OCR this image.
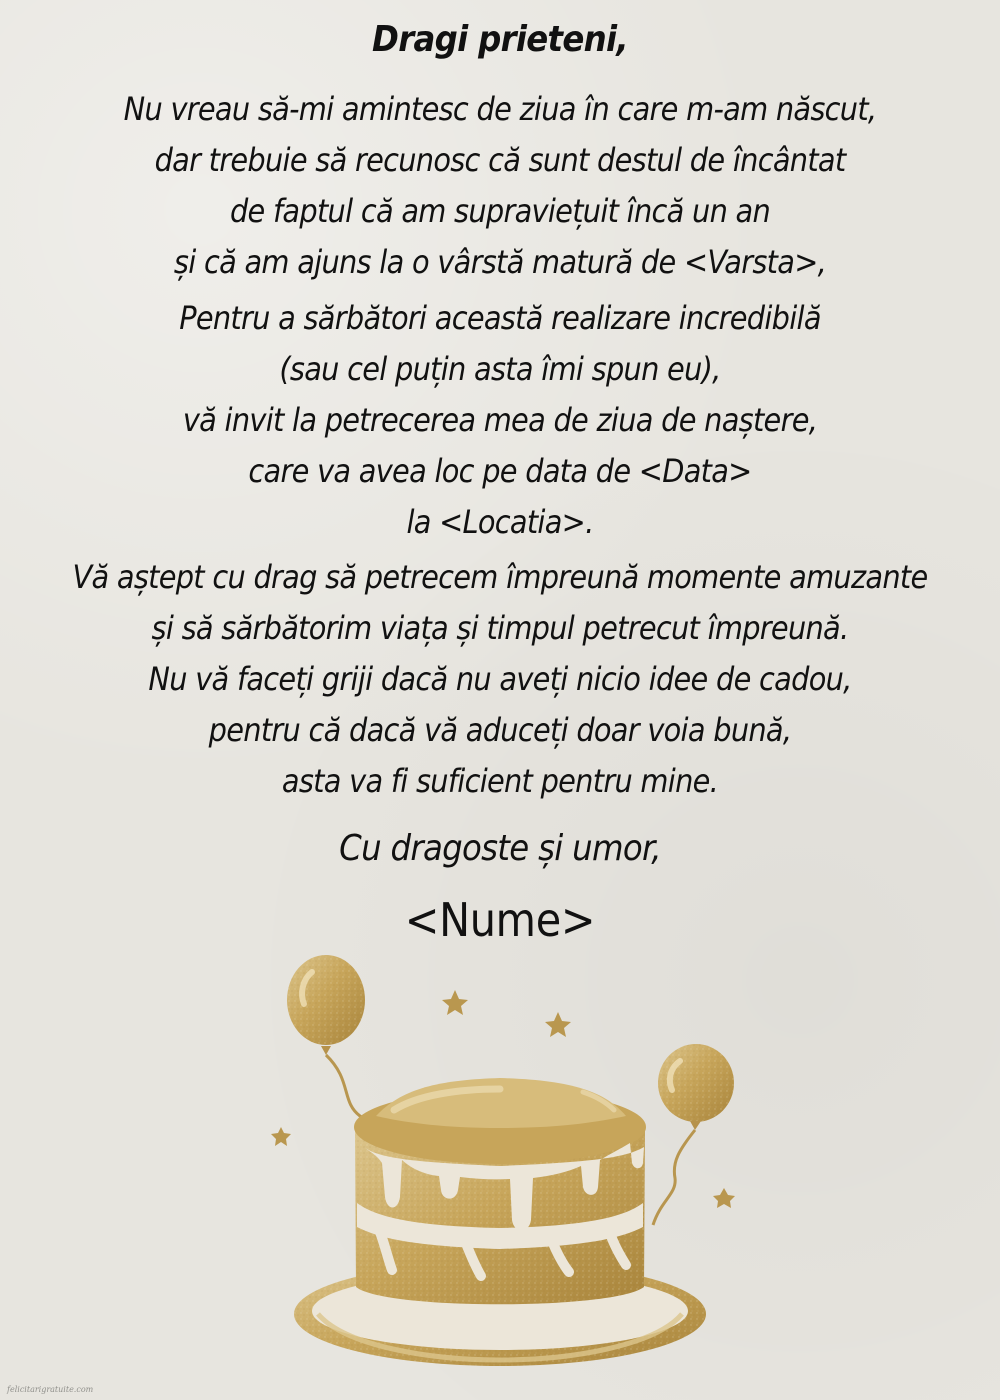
Dragi prieteni,

Nu vreau să-mi amintesc de ziua în care m-am născut,
dar trebuie să recunosc că sunt destul de încântat
de faptul că am supraviețuit încă un an
și că am ajuns la o vârstă matură de <Varsta>,

Pentru a sărbători această realizare incredibilă
(sau cel puțin asta îmi spun eu),
vă invit la petrecerea mea de ziua de naștere,
care va avea loc pe data de <Data>
la <Locatia>.

Vă aștept cu drag să petrecem împreună momente amuzante
și să sărbătorim viața și timpul petrecut împreună.
Nu vă faceți griji dacă nu aveți nicio idee de cadou,
pentru că dacă vă aduceți doar voia bună,
asta va fi suficient pentru mine.

Cu dragoste și umor,

<Nume>

felicitarigratuite.com
